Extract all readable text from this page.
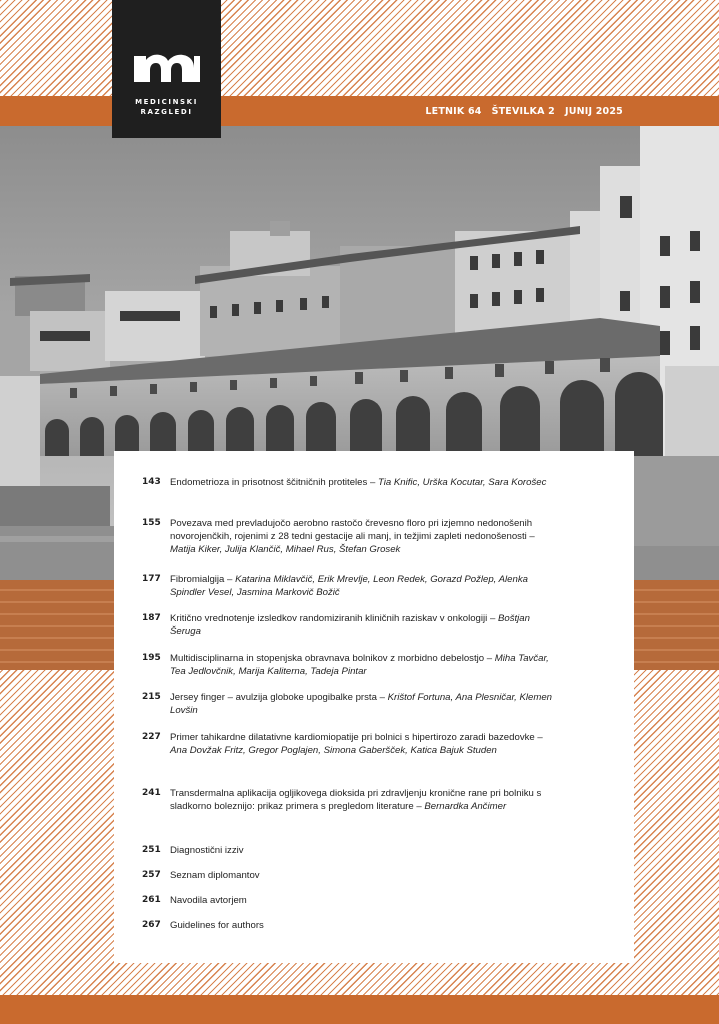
LETNIK 64 ŠTEVILKA 2 JUNIJ 2025
MEDICINSKI
RAZGLEDI
143 Endometrioza in prisotnost ščitničnih protiteles – Tia Knific, Urška Kocutar, Sara Korošec
155 Povezava med prevladujočo aerobno rastočo črevesno floro pri izjemno nedonošenih novorojenčkih, rojenimi z 28 tedni gestacije ali manj, in težjimi zapleti nedonošenosti – Matija Kiker, Julija Klančič, Mihael Rus, Štefan Grosek
177 Fibromialgija – Katarina Miklavčič, Erik Mrevlje, Leon Redek, Gorazd Požlep, Alenka Spindler Vesel, Jasmina Markovič Božič
187 Kritično vrednotenje izsledkov randomiziranih kliničnih raziskav v onkologiji – Boštjan Šeruga
195 Multidisciplinarna in stopenjska obravnava bolnikov z morbidno debelostjo – Miha Tavčar, Tea Jedlovčnik, Marija Kaliterna, Tadeja Pintar
215 Jersey finger – avulzija globoke upogibalke prsta – Krištof Fortuna, Ana Plesničar, Klemen Lovšin
227 Primer tahikardne dilatativne kardiomiopatije pri bolnici s hipertirozo zaradi bazedovke – Ana Dovžak Fritz, Gregor Poglajen, Simona Gaberšček, Katica Bajuk Studen
241 Transdermalna aplikacija ogljikovega dioksida pri zdravljenju kronične rane pri bolniku s sladkorno boleznijo: prikaz primera s pregledom literature – Bernardka Ančimer
251 Diagnostični izziv
257 Seznam diplomantov
261 Navodila avtorjem
267 Guidelines for authors
